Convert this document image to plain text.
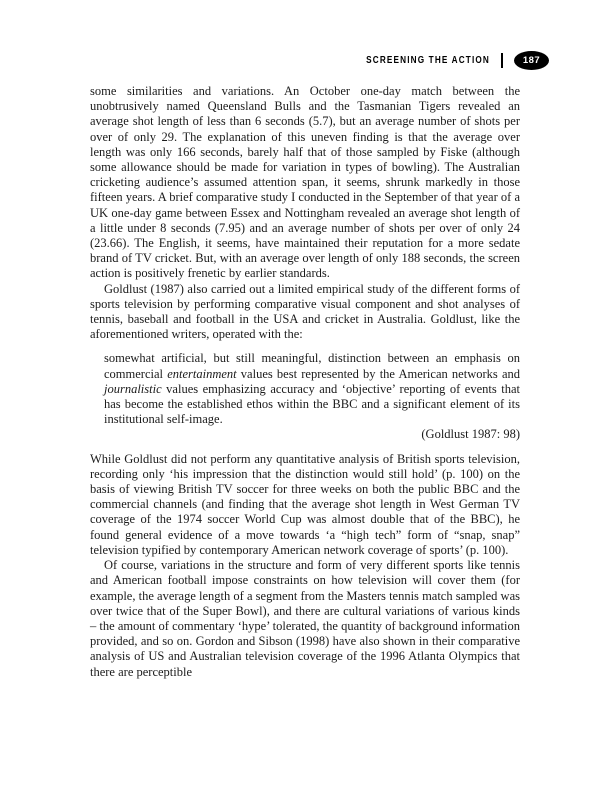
SCREENING THE ACTION	187

some similarities and variations. An October one-day match between the unobtrusively named Queensland Bulls and the Tasmanian Tigers revealed an average shot length of less than 6 seconds (5.7), but an average number of shots per over of only 29. The explanation of this uneven finding is that the average over length was only 166 seconds, barely half that of those sampled by Fiske (although some allowance should be made for variation in types of bowling). The Australian cricketing audience’s assumed attention span, it seems, shrunk markedly in those fifteen years. A brief comparative study I conducted in the September of that year of a UK one-day game between Essex and Nottingham revealed an average shot length of a little under 8 seconds (7.95) and an average number of shots per over of only 24 (23.66). The English, it seems, have maintained their reputation for a more sedate brand of TV cricket. But, with an average over length of only 188 seconds, the screen action is positively frenetic by earlier standards.

Goldlust (1987) also carried out a limited empirical study of the different forms of sports television by performing comparative visual component and shot analyses of tennis, baseball and football in the USA and cricket in Australia. Goldlust, like the aforementioned writers, operated with the:

somewhat artificial, but still meaningful, distinction between an emphasis on commercial entertainment values best represented by the American networks and journalistic values emphasizing accuracy and ‘objective’ reporting of events that has become the established ethos within the BBC and a significant element of its institutional self-image.
(Goldlust 1987: 98)

While Goldlust did not perform any quantitative analysis of British sports television, recording only ‘his impression that the distinction would still hold’ (p. 100) on the basis of viewing British TV soccer for three weeks on both the public BBC and the commercial channels (and finding that the average shot length in West German TV coverage of the 1974 soccer World Cup was almost double that of the BBC), he found general evidence of a move towards ‘a “high tech” form of “snap, snap” television typified by contemporary American network coverage of sports’ (p. 100).

Of course, variations in the structure and form of very different sports like tennis and American football impose constraints on how television will cover them (for example, the average length of a segment from the Masters tennis match sampled was over twice that of the Super Bowl), and there are cultural variations of various kinds – the amount of commentary ‘hype’ tolerated, the quantity of background information provided, and so on. Gordon and Sibson (1998) have also shown in their comparative analysis of US and Australian television coverage of the 1996 Atlanta Olympics that there are perceptible
